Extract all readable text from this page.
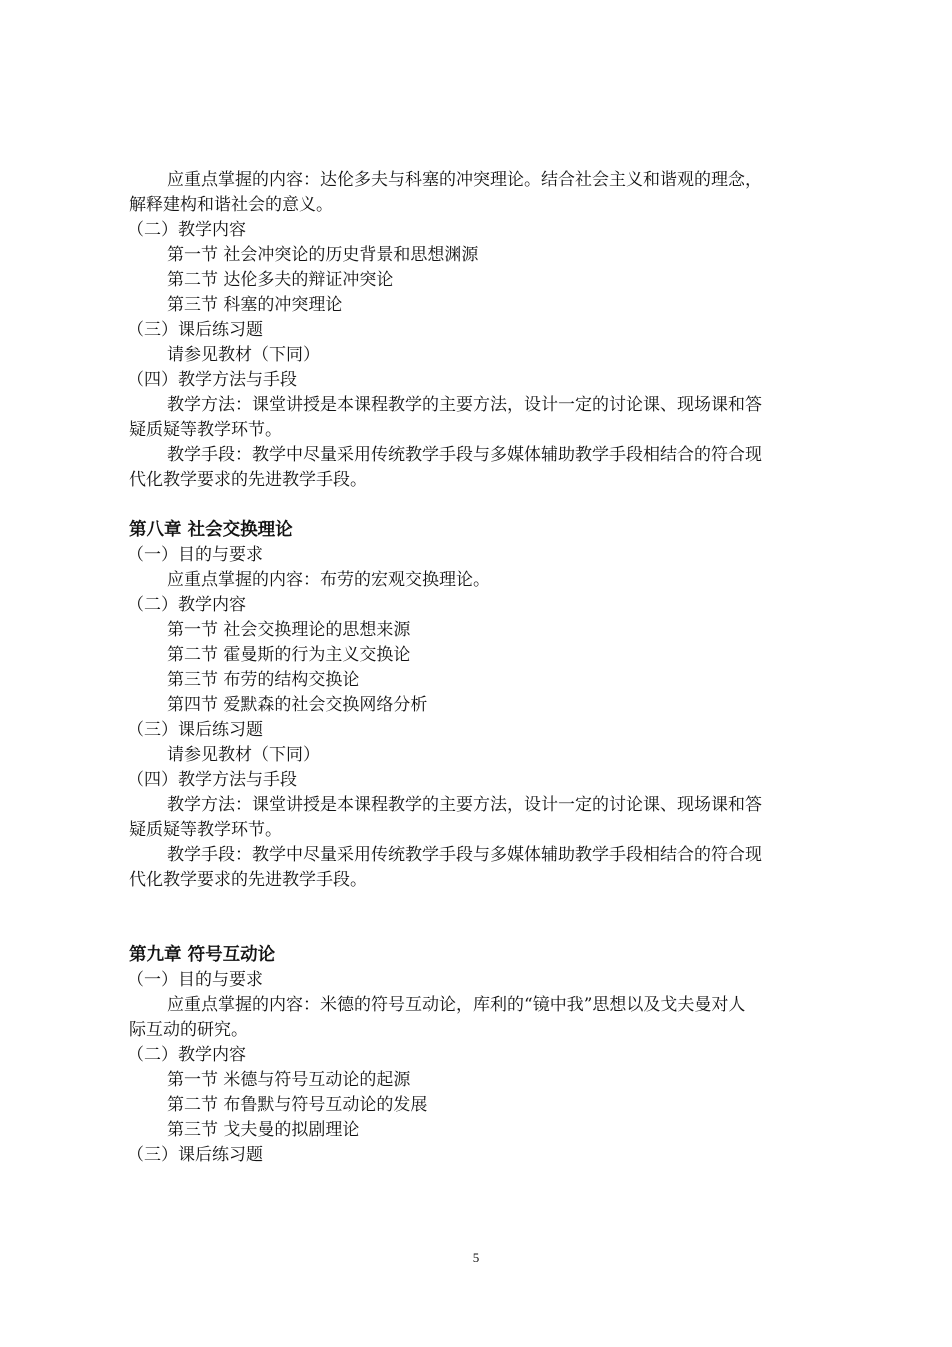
应重点掌握的内容：达伦多夫与科塞的冲突理论。结合社会主义和谐观的理念，
解释建构和谐社会的意义。
（二）教学内容
第一节 社会冲突论的历史背景和思想渊源
第二节 达伦多夫的辩证冲突论
第三节 科塞的冲突理论
（三）课后练习题
请参见教材（下同）
（四）教学方法与手段
教学方法：课堂讲授是本课程教学的主要方法，设计一定的讨论课、现场课和答
疑质疑等教学环节。
教学手段：教学中尽量采用传统教学手段与多媒体辅助教学手段相结合的符合现
代化教学要求的先进教学手段。
第八章 社会交换理论
（一）目的与要求
应重点掌握的内容：布劳的宏观交换理论。
（二）教学内容
第一节 社会交换理论的思想来源
第二节 霍曼斯的行为主义交换论
第三节 布劳的结构交换论
第四节 爱默森的社会交换网络分析
（三）课后练习题
请参见教材（下同）
（四）教学方法与手段
教学方法：课堂讲授是本课程教学的主要方法，设计一定的讨论课、现场课和答
疑质疑等教学环节。
教学手段：教学中尽量采用传统教学手段与多媒体辅助教学手段相结合的符合现
代化教学要求的先进教学手段。
第九章 符号互动论
（一）目的与要求
应重点掌握的内容：米德的符号互动论，库利的“镜中我”思想以及戈夫曼对人
际互动的研究。
（二）教学内容
第一节 米德与符号互动论的起源
第二节 布鲁默与符号互动论的发展
第三节 戈夫曼的拟剧理论
（三）课后练习题
5
